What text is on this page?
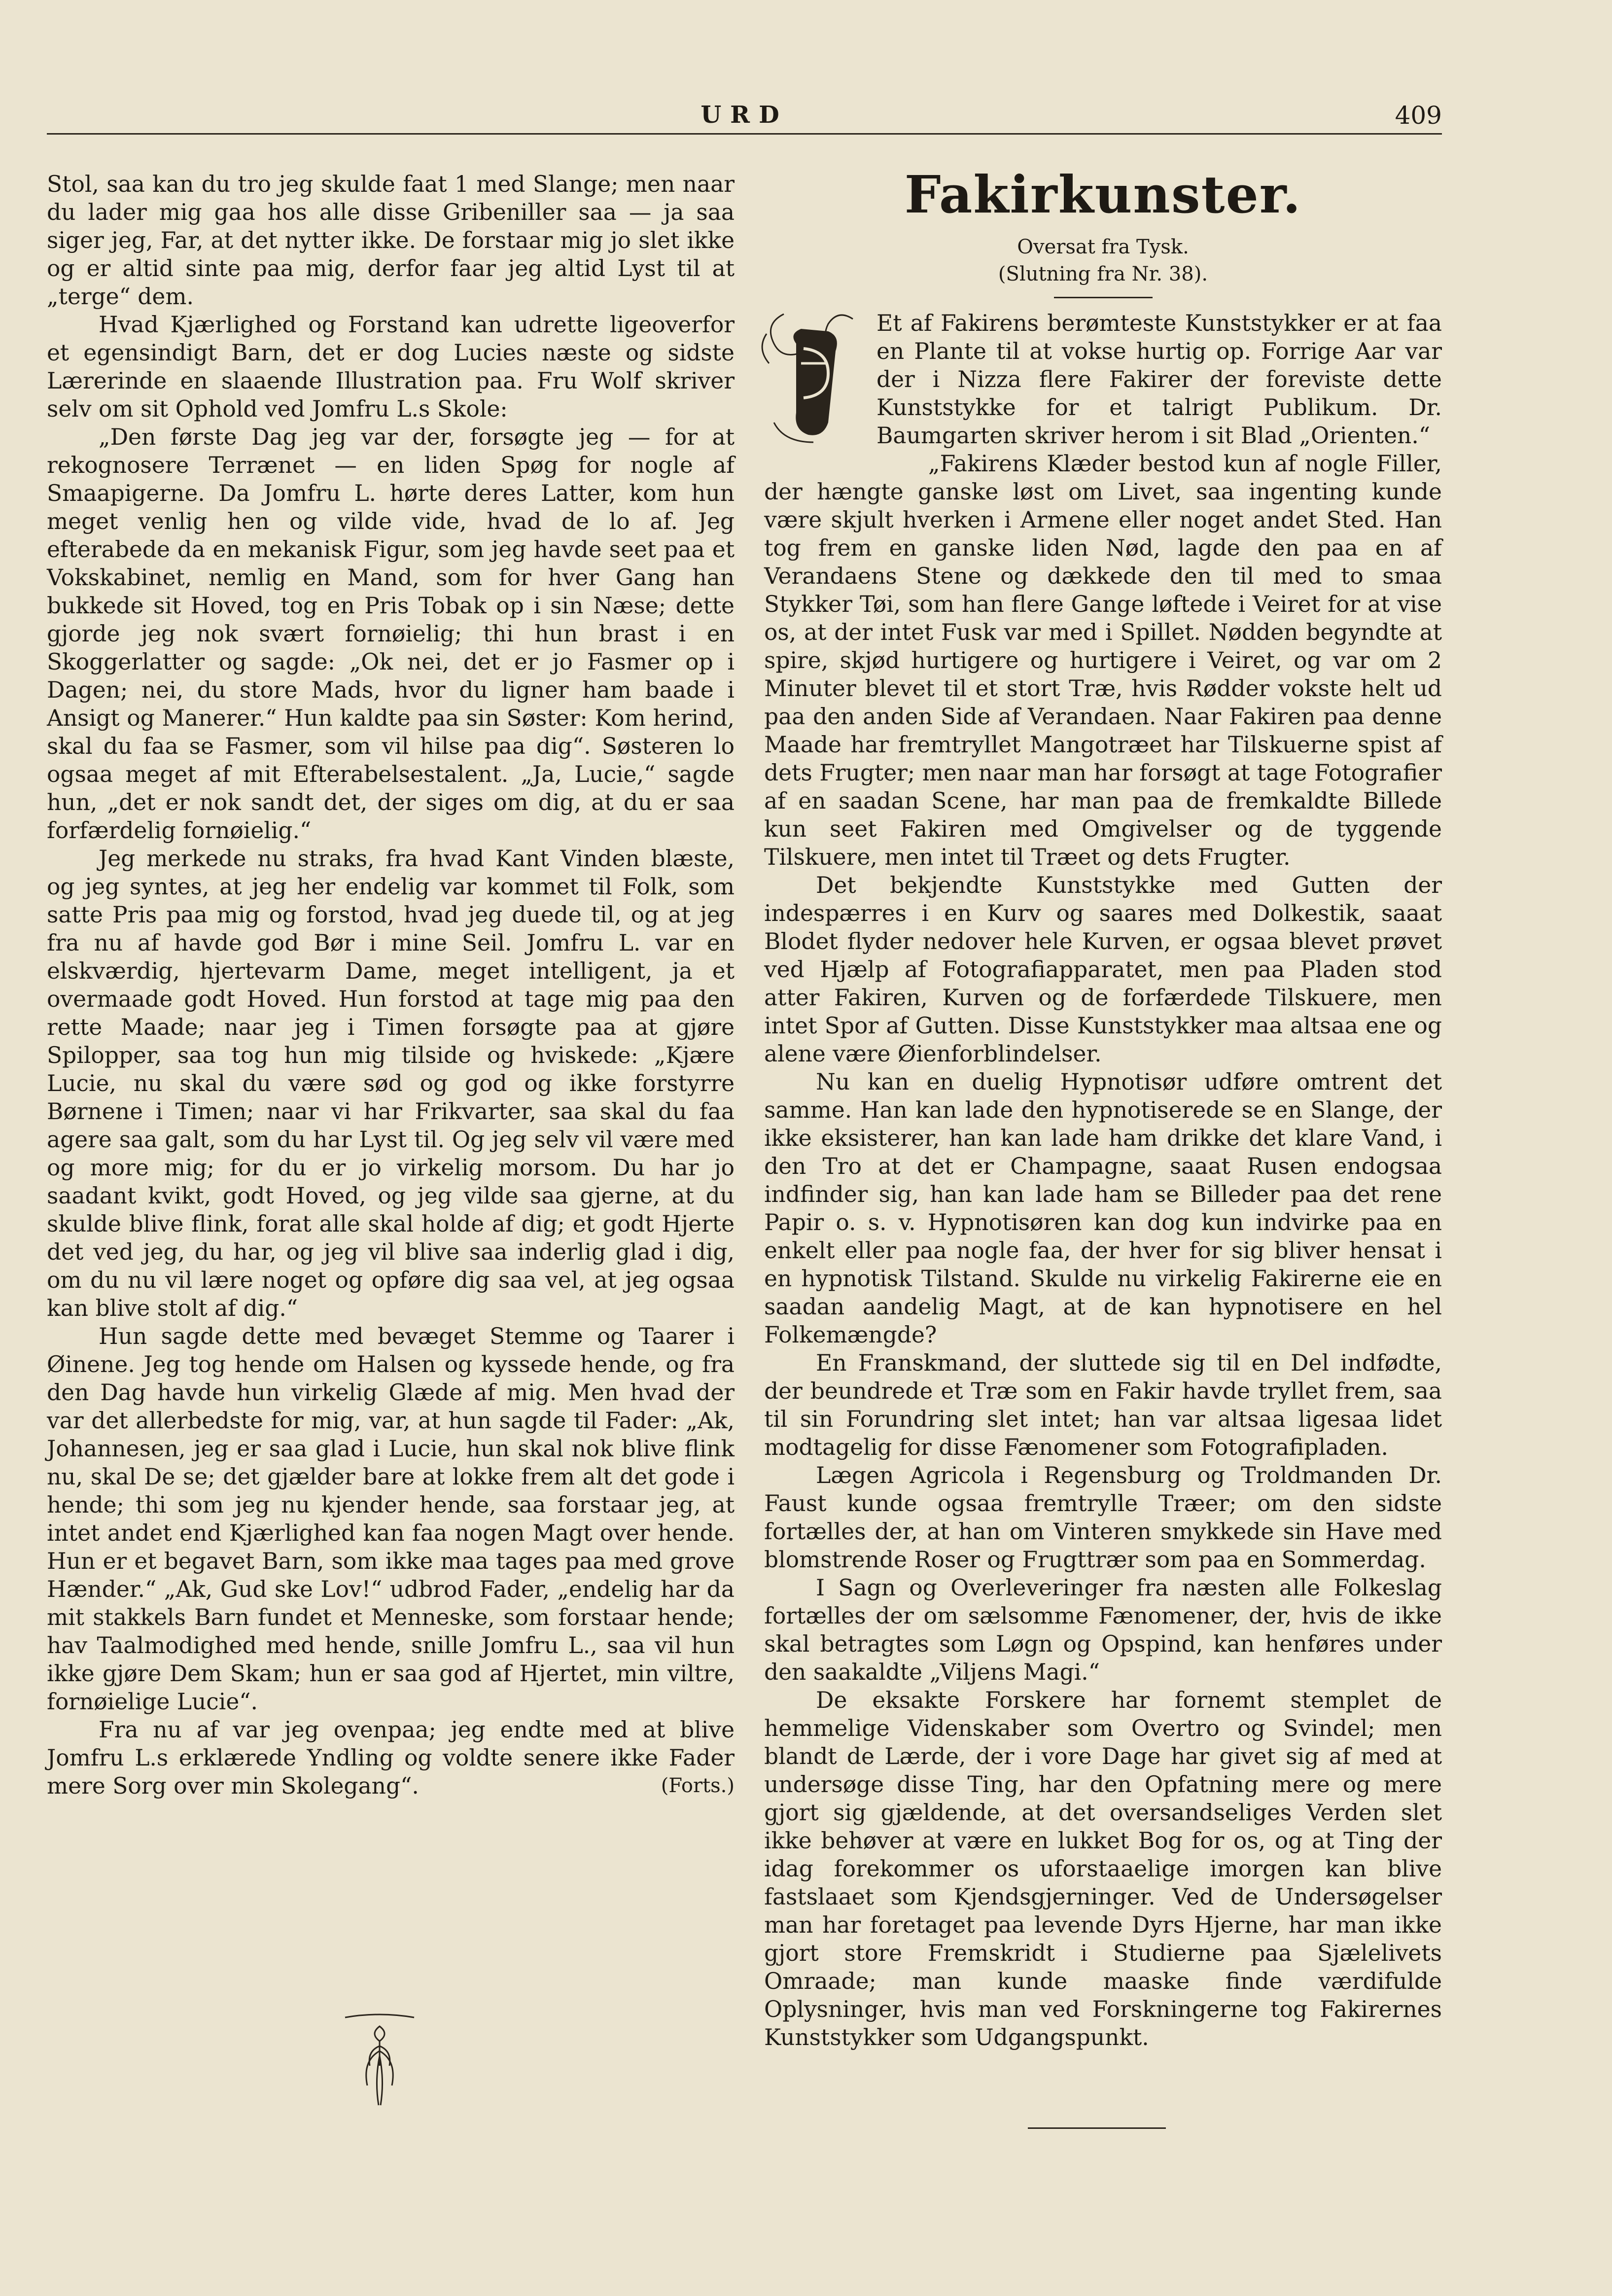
URD	409

Stol, saa kan du tro jeg skulde faat 1 med Slange; men naar du lader mig gaa hos alle disse Gribeniller saa — ja saa siger jeg, Far, at det nytter ikke. De forstaar mig jo slet ikke og er altid sinte paa mig, derfor faar jeg altid Lyst til at „terge“ dem.

Hvad Kjærlighed og Forstand kan udrette ligeoverfor et egensindigt Barn, det er dog Lucies næste og sidste Lærerinde en slaaende Illustration paa. Fru Wolf skriver selv om sit Ophold ved Jomfru L.s Skole:

„Den første Dag jeg var der, forsøgte jeg — for at rekognosere Terrænet — en liden Spøg for nogle af Smaapigerne. Da Jomfru L. hørte deres Latter, kom hun meget venlig hen og vilde vide, hvad de lo af. Jeg efterabede da en mekanisk Figur, som jeg havde seet paa et Vokskabinet, nemlig en Mand, som for hver Gang han bukkede sit Hoved, tog en Pris Tobak op i sin Næse; dette gjorde jeg nok svært fornøielig; thi hun brast i en Skoggerlatter og sagde: „Ok nei, det er jo Fasmer op i Dagen; nei, du store Mads, hvor du ligner ham baade i Ansigt og Manerer.“ Hun kaldte paa sin Søster: Kom herind, skal du faa se Fasmer, som vil hilse paa dig“. Søsteren lo ogsaa meget af mit Efterabelsestalent. „Ja, Lucie,“ sagde hun, „det er nok sandt det, der siges om dig, at du er saa forfærdelig fornøielig.“

Jeg merkede nu straks, fra hvad Kant Vinden blæste, og jeg syntes, at jeg her endelig var kommet til Folk, som satte Pris paa mig og forstod, hvad jeg duede til, og at jeg fra nu af havde god Bør i mine Seil. Jomfru L. var en elskværdig, hjertevarm Dame, meget intelligent, ja et overmaade godt Hoved. Hun forstod at tage mig paa den rette Maade; naar jeg i Timen forsøgte paa at gjøre Spilopper, saa tog hun mig tilside og hviskede: „Kjære Lucie, nu skal du være sød og god og ikke forstyrre Børnene i Timen; naar vi har Frikvarter, saa skal du faa agere saa galt, som du har Lyst til. Og jeg selv vil være med og more mig; for du er jo virkelig morsom. Du har jo saadant kvikt, godt Hoved, og jeg vilde saa gjerne, at du skulde blive flink, forat alle skal holde af dig; et godt Hjerte det ved jeg, du har, og jeg vil blive saa inderlig glad i dig, om du nu vil lære noget og opføre dig saa vel, at jeg ogsaa kan blive stolt af dig.“

Hun sagde dette med bevæget Stemme og Taarer i Øinene. Jeg tog hende om Halsen og kyssede hende, og fra den Dag havde hun virkelig Glæde af mig. Men hvad der var det allerbedste for mig, var, at hun sagde til Fader: „Ak, Johannesen, jeg er saa glad i Lucie, hun skal nok blive flink nu, skal De se; det gjælder bare at lokke frem alt det gode i hende; thi som jeg nu kjender hende, saa forstaar jeg, at intet andet end Kjærlighed kan faa nogen Magt over hende. Hun er et begavet Barn, som ikke maa tages paa med grove Hænder.“ „Ak, Gud ske Lov!“ udbrod Fader, „endelig har da mit stakkels Barn fundet et Menneske, som forstaar hende; hav Taalmodighed med hende, snille Jomfru L., saa vil hun ikke gjøre Dem Skam; hun er saa god af Hjertet, min viltre, fornøielige Lucie“.

Fra nu af var jeg ovenpaa; jeg endte med at blive Jomfru L.s erklærede Yndling og voldte senere ikke Fader mere Sorg over min Skolegang“.	(Forts.)
Fakirkunster.

Oversat fra Tysk.

(Slutning fra Nr. 38).

Et af Fakirens berømteste Kunststykker er at faa en Plante til at vokse hurtig op. Forrige Aar var der i Nizza flere Fakirer der foreviste dette Kunststykke for et talrigt Publikum. Dr. Baumgarten skriver herom i sit Blad „Orienten.“

„Fakirens Klæder bestod kun af nogle Filler, der hængte ganske løst om Livet, saa ingenting kunde være skjult hverken i Armene eller noget andet Sted. Han tog frem en ganske liden Nød, lagde den paa en af Verandaens Stene og dækkede den til med to smaa Stykker Tøi, som han flere Gange løftede i Veiret for at vise os, at der intet Fusk var med i Spillet. Nødden begyndte at spire, skjød hurtigere og hurtigere i Veiret, og var om 2 Minuter blevet til et stort Træ, hvis Rødder vokste helt ud paa den anden Side af Verandaen. Naar Fakiren paa denne Maade har fremtryllet Mangotræet har Tilskuerne spist af dets Frugter; men naar man har forsøgt at tage Fotografier af en saadan Scene, har man paa de fremkaldte Billede kun seet Fakiren med Omgivelser og de tyggende Tilskuere, men intet til Træet og dets Frugter.

Det bekjendte Kunststykke med Gutten der indespærres i en Kurv og saares med Dolkestik, saaat Blodet flyder nedover hele Kurven, er ogsaa blevet prøvet ved Hjælp af Fotografiapparatet, men paa Pladen stod atter Fakiren, Kurven og de forfærdede Tilskuere, men intet Spor af Gutten. Disse Kunststykker maa altsaa ene og alene være Øienforblindelser.

Nu kan en duelig Hypnotisør udføre omtrent det samme. Han kan lade den hypnotiserede se en Slange, der ikke eksisterer, han kan lade ham drikke det klare Vand, i den Tro at det er Champagne, saaat Rusen endogsaa indfinder sig, han kan lade ham se Billeder paa det rene Papir o. s. v. Hypnotisøren kan dog kun indvirke paa en enkelt eller paa nogle faa, der hver for sig bliver hensat i en hypnotisk Tilstand. Skulde nu virkelig Fakirerne eie en saadan aandelig Magt, at de kan hypnotisere en hel Folkemængde?

En Franskmand, der sluttede sig til en Del indfødte, der beundrede et Træ som en Fakir havde tryllet frem, saa til sin Forundring slet intet; han var altsaa ligesaa lidet modtagelig for disse Fænomener som Fotografipladen.

Lægen Agricola i Regensburg og Troldmanden Dr. Faust kunde ogsaa fremtrylle Træer; om den sidste fortælles der, at han om Vinteren smykkede sin Have med blomstrende Roser og Frugttrær som paa en Sommerdag.

I Sagn og Overleveringer fra næsten alle Folkeslag fortælles der om sælsomme Fænomener, der, hvis de ikke skal betragtes som Løgn og Opspind, kan henføres under den saakaldte „Viljens Magi.“

De eksakte Forskere har fornemt stemplet de hemmelige Videnskaber som Overtro og Svindel; men blandt de Lærde, der i vore Dage har givet sig af med at undersøge disse Ting, har den Opfatning mere og mere gjort sig gjældende, at det oversandseliges Verden slet ikke behøver at være en lukket Bog for os, og at Ting der idag forekommer os uforstaaelige imorgen kan blive fastslaaet som Kjendsgjerninger. Ved de Undersøgelser man har foretaget paa levende Dyrs Hjerne, har man ikke gjort store Fremskridt i Studierne paa Sjælelivets Omraade; man kunde maaske finde værdifulde Oplysninger, hvis man ved Forskningerne tog Fakirernes Kunststykker som Udgangspunkt.
